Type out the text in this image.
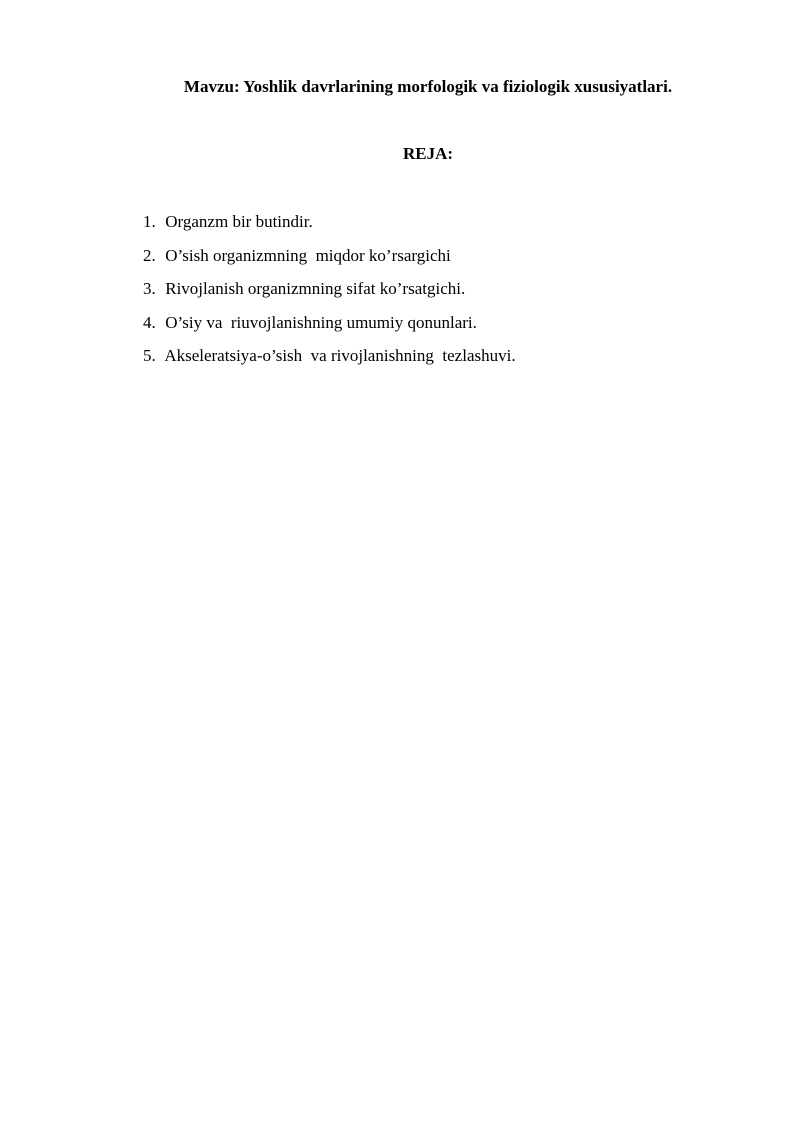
Mavzu: Yoshlik davrlarining morfologik va fiziologik xususiyatlari.
REJA:
1. Organzm bir butindir.
2. O’sish organizmning  miqdor ko’rsargichi
3. Rivojlanish organizmning sifat ko’rsatgichi.
4. O’siy va  riuvojlanishning umumiy qonunlari.
5. Akseleratsiya-o’sish  va rivojlanishning  tezlashuvi.
